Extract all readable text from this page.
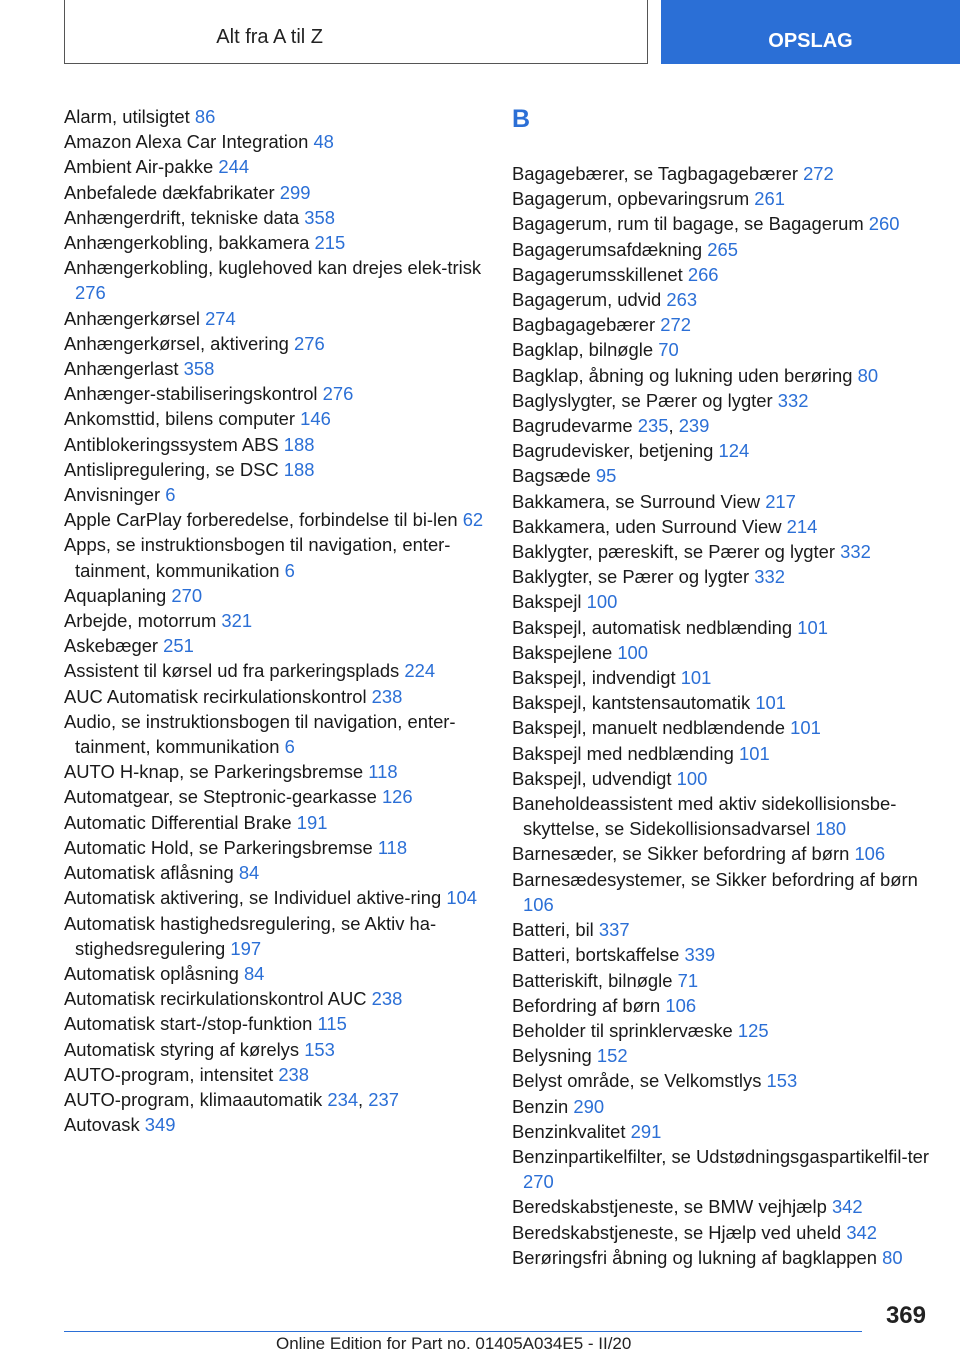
Alt fra A til Z	OPSLAG

Alarm, utilsigtet 86

Amazon Alexa Car Integration 48

Ambient Air-pakke 244

Anbefalede dækfabrikater 299

Anhængerdrift, tekniske data 358

Anhængerkobling, bakkamera 215

Anhængerkobling, kuglehoved kan drejes elek-trisk 276

Anhængerkørsel 274

Anhængerkørsel, aktivering 276

Anhængerlast 358

Anhænger-stabiliseringskontrol 276

Ankomsttid, bilens computer 146

Antiblokeringssystem ABS 188

Antislipregulering, se DSC 188

Anvisninger 6

Apple CarPlay forberedelse, forbindelse til bi-len 62

Apps, se instruktionsbogen til navigation, enter-tainment, kommunikation 6

Aquaplaning 270

Arbejde, motorrum 321

Askebæger 251

Assistent til kørsel ud fra parkeringsplads 224

AUC Automatisk recirkulationskontrol 238

Audio, se instruktionsbogen til navigation, enter-tainment, kommunikation 6

AUTO H-knap, se Parkeringsbremse 118

Automatgear, se Steptronic-gearkasse 126

Automatic Differential Brake 191

Automatic Hold, se Parkeringsbremse 118

Automatisk aflåsning 84

Automatisk aktivering, se Individuel aktive-ring 104

Automatisk hastighedsregulering, se Aktiv ha-stighedsregulering 197

Automatisk oplåsning 84

Automatisk recirkulationskontrol AUC 238

Automatisk start-/stop-funktion 115

Automatisk styring af kørelys 153

AUTO-program, intensitet 238

AUTO-program, klimaautomatik 234, 237

Autovask 349

B

Bagagebærer, se Tagbagagebærer 272

Bagagerum, opbevaringsrum 261

Bagagerum, rum til bagage, se Bagagerum 260

Bagagerumsafdækning 265

Bagagerumsskillenet 266

Bagagerum, udvid 263

Bagbagagebærer 272

Bagklap, bilnøgle 70

Bagklap, åbning og lukning uden berøring 80

Baglyslygter, se Pærer og lygter 332

Bagrudevarme 235, 239

Bagrudevisker, betjening 124

Bagsæde 95

Bakkamera, se Surround View 217

Bakkamera, uden Surround View 214

Baklygter, pæreskift, se Pærer og lygter 332

Baklygter, se Pærer og lygter 332

Bakspejl 100

Bakspejl, automatisk nedblænding 101

Bakspejlene 100

Bakspejl, indvendigt 101

Bakspejl, kantstensautomatik 101

Bakspejl, manuelt nedblændende 101

Bakspejl med nedblænding 101

Bakspejl, udvendigt 100

Baneholdeassistent med aktiv sidekollisionsbe-skyttelse, se Sidekollisionsadvarsel 180

Barnesæder, se Sikker befordring af børn 106

Barnesædesystemer, se Sikker befordring af børn 106

Batteri, bil 337

Batteri, bortskaffelse 339

Batteriskift, bilnøgle 71

Befordring af børn 106

Beholder til sprinklervæske 125

Belysning 152

Belyst område, se Velkomstlys 153

Benzin 290

Benzinkvalitet 291

Benzinpartikelfilter, se Udstødningsgaspartikelfil-ter 270

Beredskabstjeneste, se BMW vejhjælp 342

Beredskabstjeneste, se Hjælp ved uheld 342

Berøringsfri åbning og lukning af bagklappen 80

369
Online Edition for Part no. 01405A034E5 - II/20
